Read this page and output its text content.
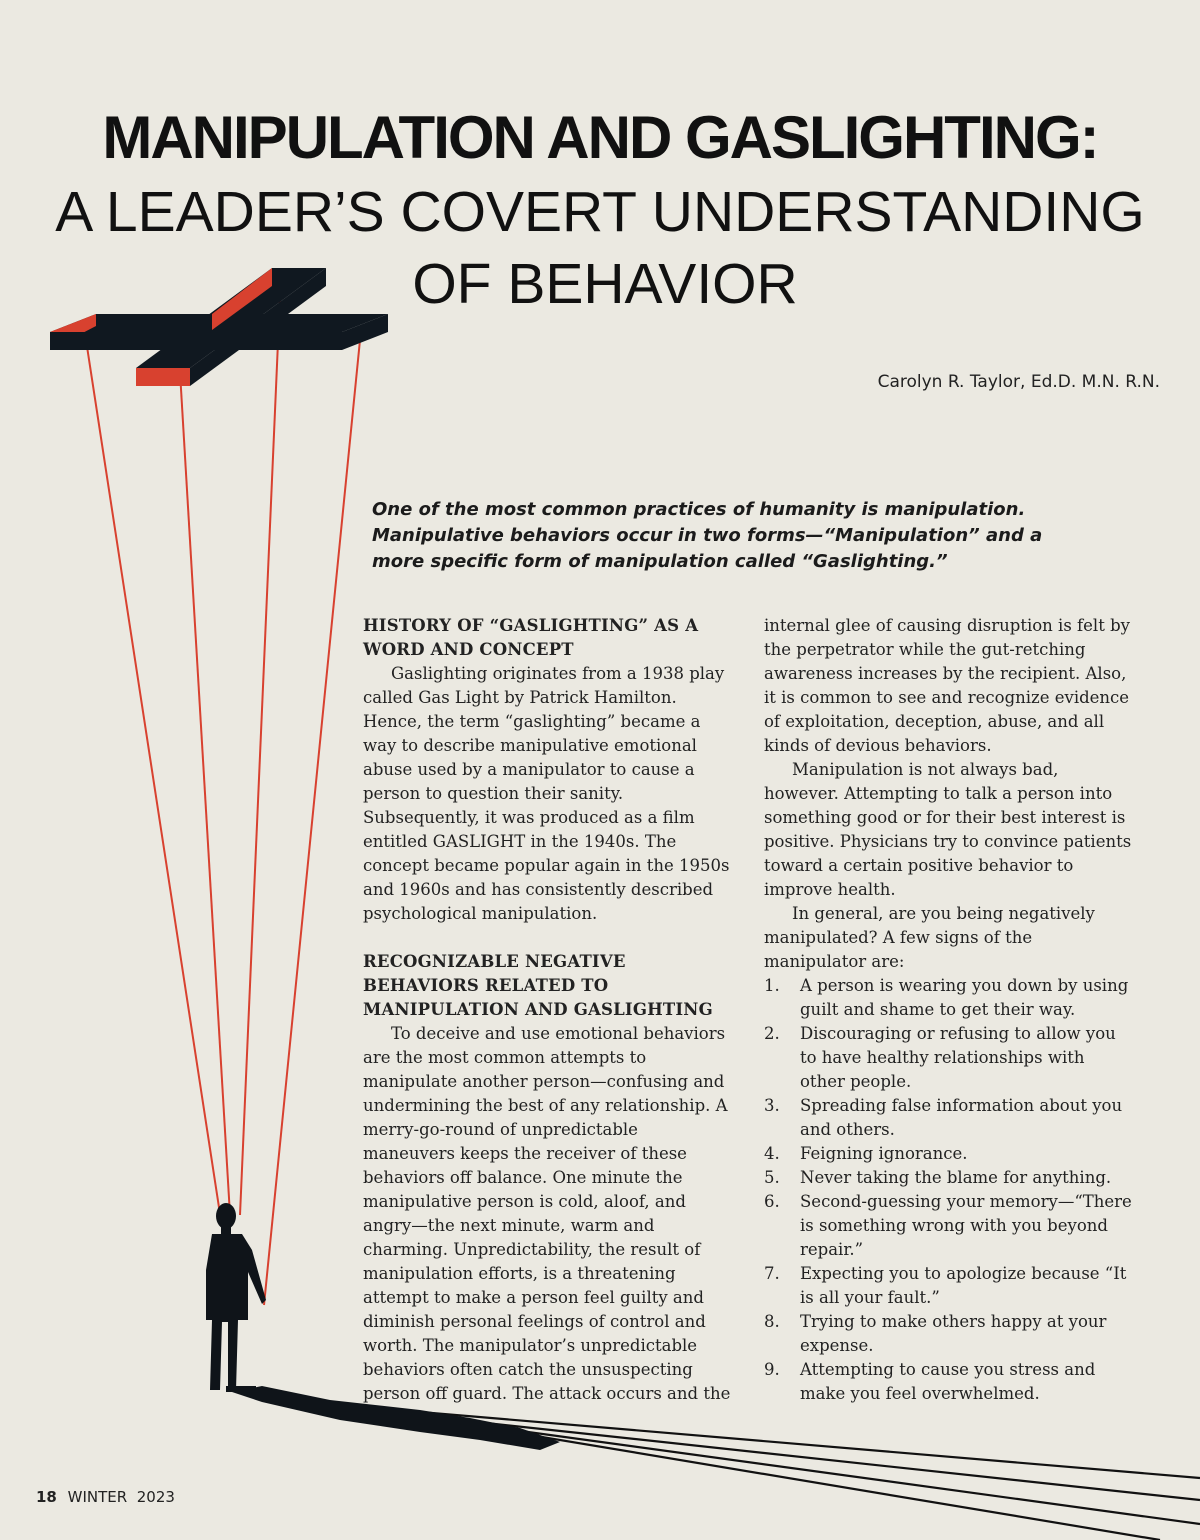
MANIPULATION AND GASLIGHTING:
A LEADER’S COVERT UNDERSTANDING
OF BEHAVIOR
Carolyn R. Taylor, Ed.D. M.N. R.N.

One of the most common practices of humanity is manipulation. Manipulative behaviors occur in two forms—“Manipulation” and a more specific form of manipulation called “Gaslighting.”

HISTORY OF “GASLIGHTING” AS A WORD AND CONCEPT

Gaslighting originates from a 1938 play called Gas Light by Patrick Hamilton. Hence, the term “gaslighting” became a way to describe manipulative emotional abuse used by a manipulator to cause a person to question their sanity. Subsequently, it was produced as a film entitled GASLIGHT in the 1940s. The concept became popular again in the 1950s and 1960s and has consistently described psychological manipulation.

RECOGNIZABLE NEGATIVE BEHAVIORS RELATED TO MANIPULATION AND GASLIGHTING

To deceive and use emotional behaviors are the most common attempts to manipulate another person—confusing and undermining the best of any relationship. A merry-go-round of unpredictable maneuvers keeps the receiver of these behaviors off balance. One minute the manipulative person is cold, aloof, and angry—the next minute, warm and charming. Unpredictability, the result of manipulation efforts, is a threatening attempt to make a person feel guilty and diminish personal feelings of control and worth. The manipulator’s unpredictable behaviors often catch the unsuspecting person off guard. The attack occurs and the

internal glee of causing disruption is felt by the perpetrator while the gut-retching awareness increases by the recipient. Also, it is common to see and recognize evidence of exploitation, deception, abuse, and all kinds of devious behaviors.

Manipulation is not always bad, however. Attempting to talk a person into something good or for their best interest is positive. Physicians try to convince patients toward a certain positive behavior to improve health.

In general, are you being negatively manipulated? A few signs of the manipulator are:

1.	A person is wearing you down by using guilt and shame to get their way.
2.	Discouraging or refusing to allow you to have healthy relationships with other people.
3.	Spreading false information about you and others.
4.	Feigning ignorance.
5.	Never taking the blame for anything.
6.	Second-guessing your memory—“There is something wrong with you beyond repair.”
7.	Expecting you to apologize because “It is all your fault.”
8.	Trying to make others happy at your expense.
9.	Attempting to cause you stress and make you feel overwhelmed.
18 WINTER  2023
